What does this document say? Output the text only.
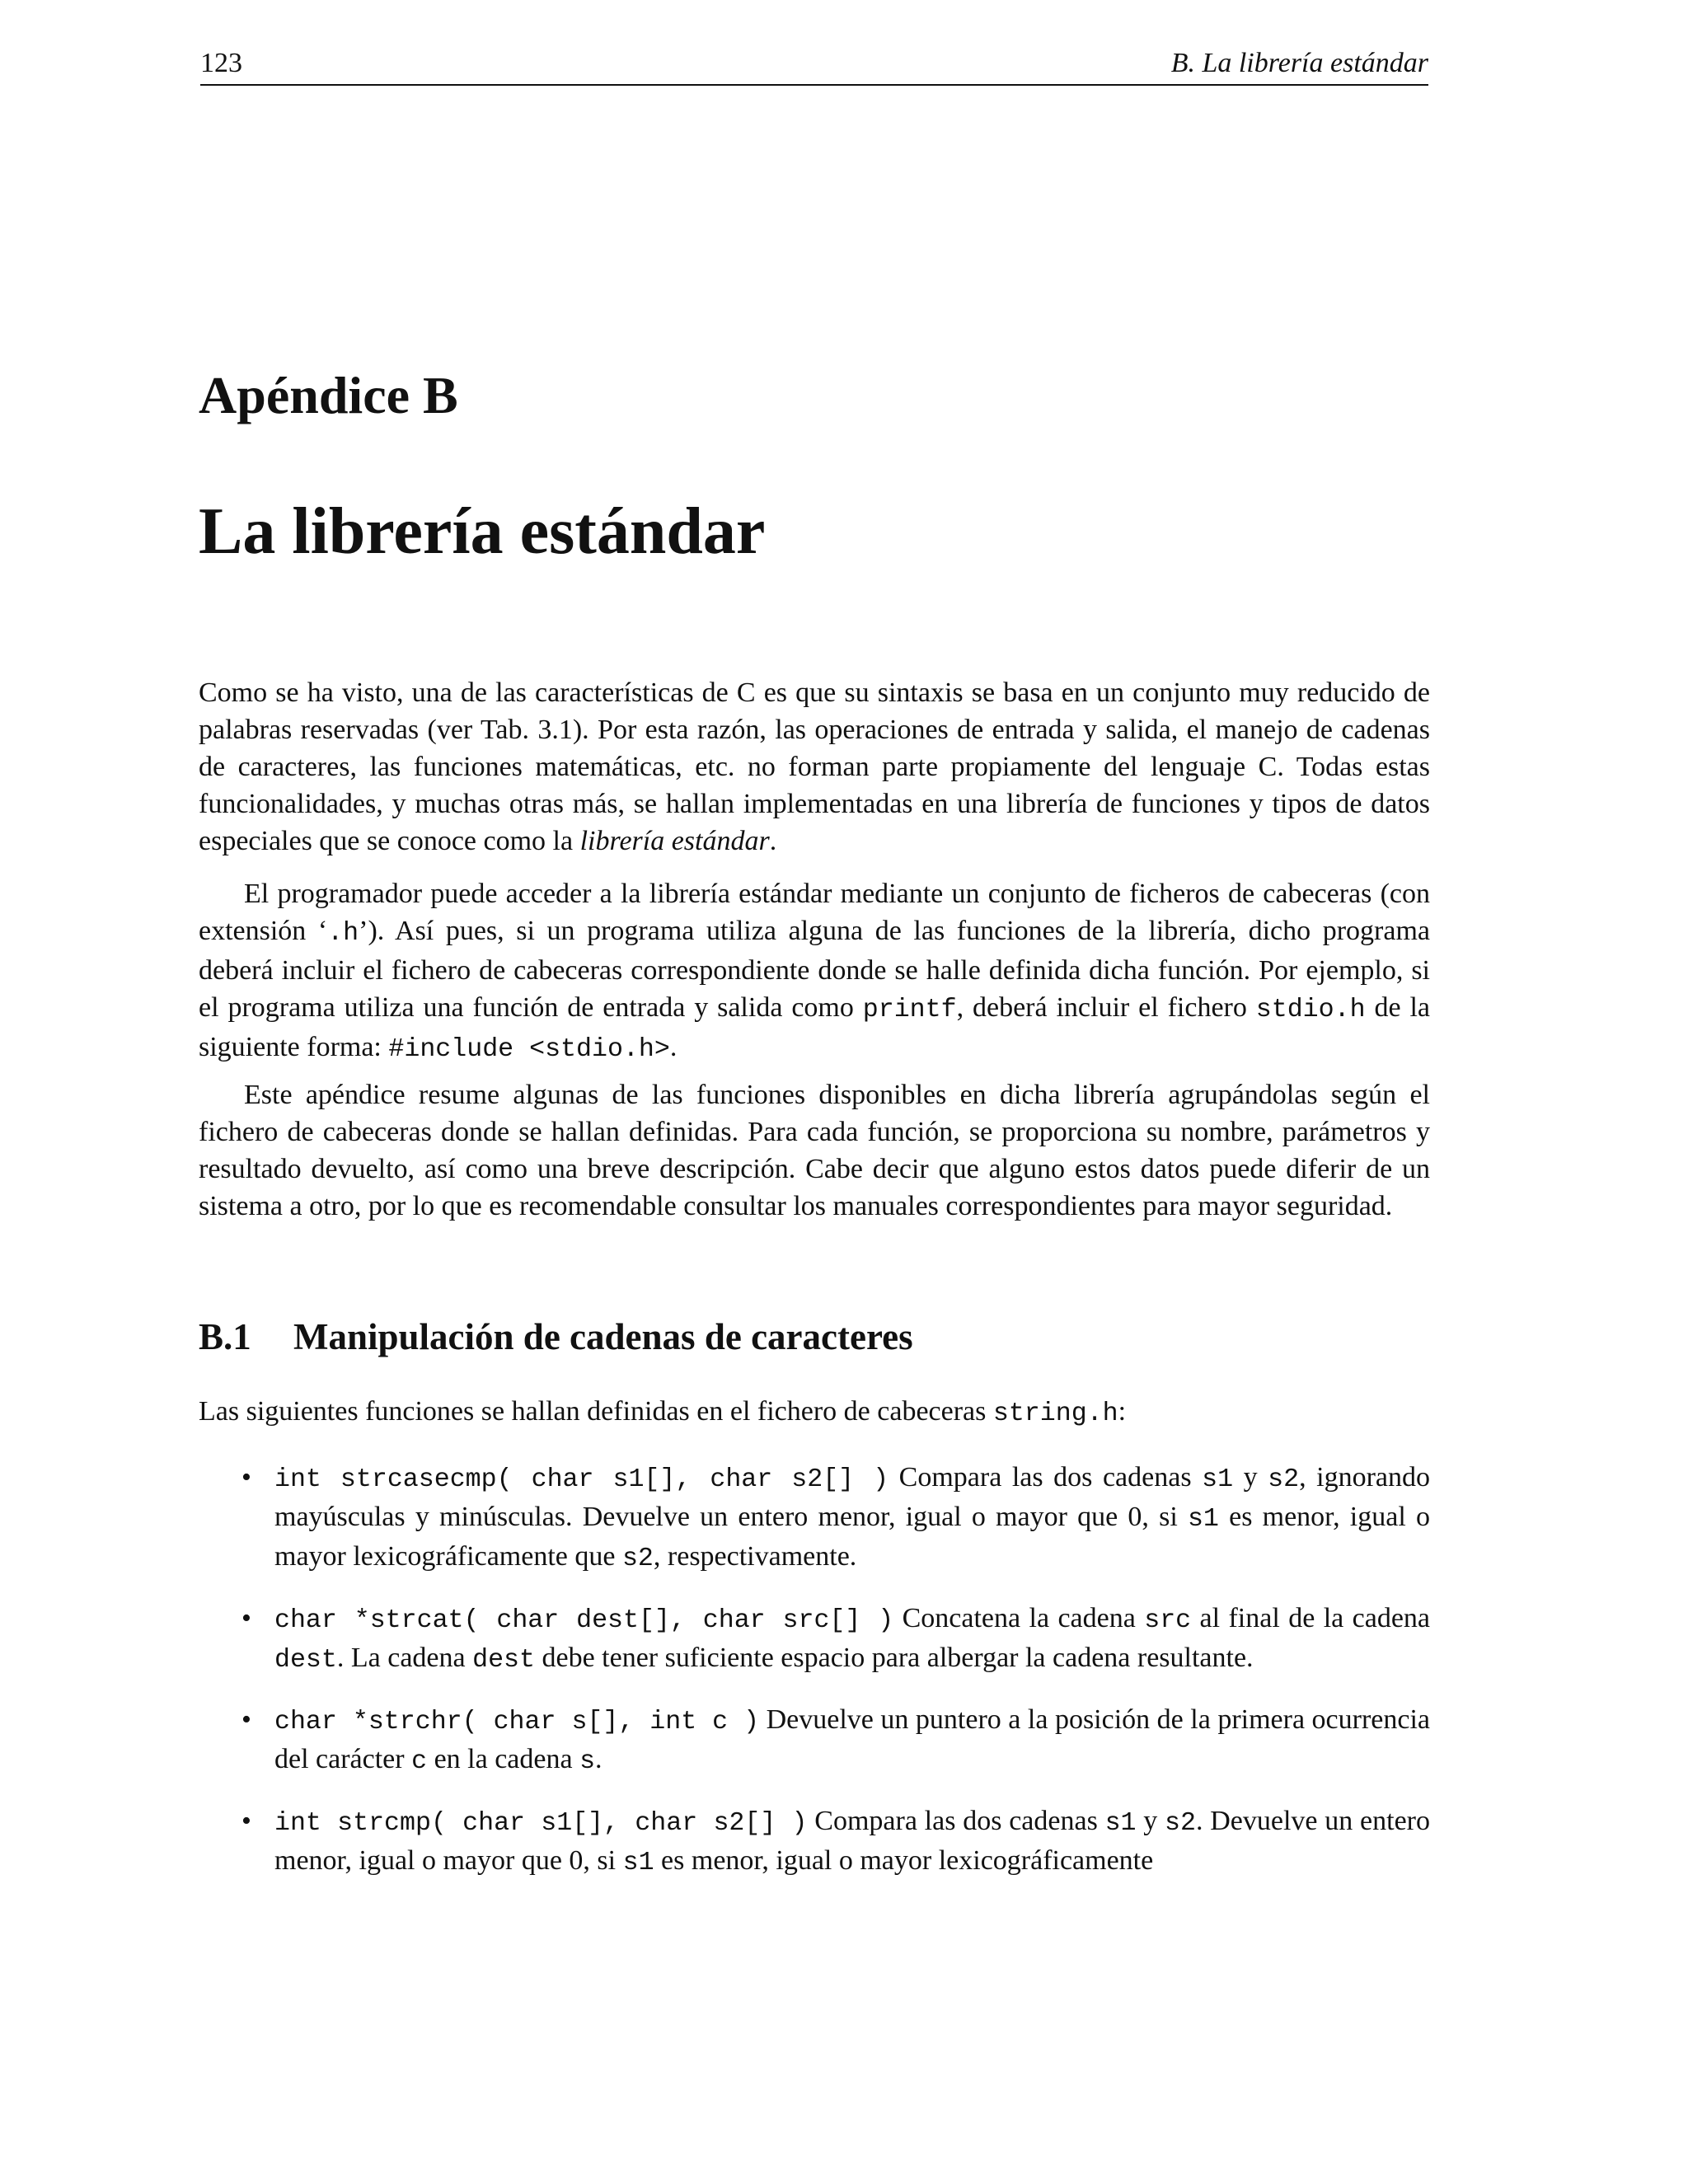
123	B. La librería estándar
Apéndice B
La librería estándar

Como se ha visto, una de las características de C es que su sintaxis se basa en un conjunto muy reducido de palabras reservadas (ver Tab. 3.1). Por esta razón, las operaciones de entrada y salida, el manejo de cadenas de caracteres, las funciones matemáticas, etc. no forman parte propiamente del lenguaje C. Todas estas funcionalidades, y muchas otras más, se hallan implementadas en una librería de funciones y tipos de datos especiales que se conoce como la librería estándar.

El programador puede acceder a la librería estándar mediante un conjunto de ficheros de cabeceras (con extensión ‘.h’). Así pues, si un programa utiliza alguna de las funciones de la librería, dicho programa deberá incluir el fichero de cabeceras correspondiente donde se halle definida dicha función. Por ejemplo, si el programa utiliza una función de entrada y salida como printf, deberá incluir el fichero stdio.h de la siguiente forma: #include <stdio.h>.

Este apéndice resume algunas de las funciones disponibles en dicha librería agrupándolas según el fichero de cabeceras donde se hallan definidas. Para cada función, se proporciona su nombre, parámetros y resultado devuelto, así como una breve descripción. Cabe decir que alguno estos datos puede diferir de un sistema a otro, por lo que es recomendable consultar los manuales correspondientes para mayor seguridad.

B.1 Manipulación de cadenas de caracteres

Las siguientes funciones se hallan definidas en el fichero de cabeceras string.h:

• int strcasecmp( char s1[], char s2[] ) Compara las dos cadenas s1 y s2, ignorando mayúsculas y minúsculas. Devuelve un entero menor, igual o mayor que 0, si s1 es menor, igual o mayor lexicográficamente que s2, respectivamente.
• char *strcat( char dest[], char src[] ) Concatena la cadena src al final de la cadena dest. La cadena dest debe tener suficiente espacio para albergar la cadena resultante.
• char *strchr( char s[], int c ) Devuelve un puntero a la posición de la primera ocurrencia del carácter c en la cadena s.
• int strcmp( char s1[], char s2[] ) Compara las dos cadenas s1 y s2. Devuelve un entero menor, igual o mayor que 0, si s1 es menor, igual o mayor lexicográficamente
